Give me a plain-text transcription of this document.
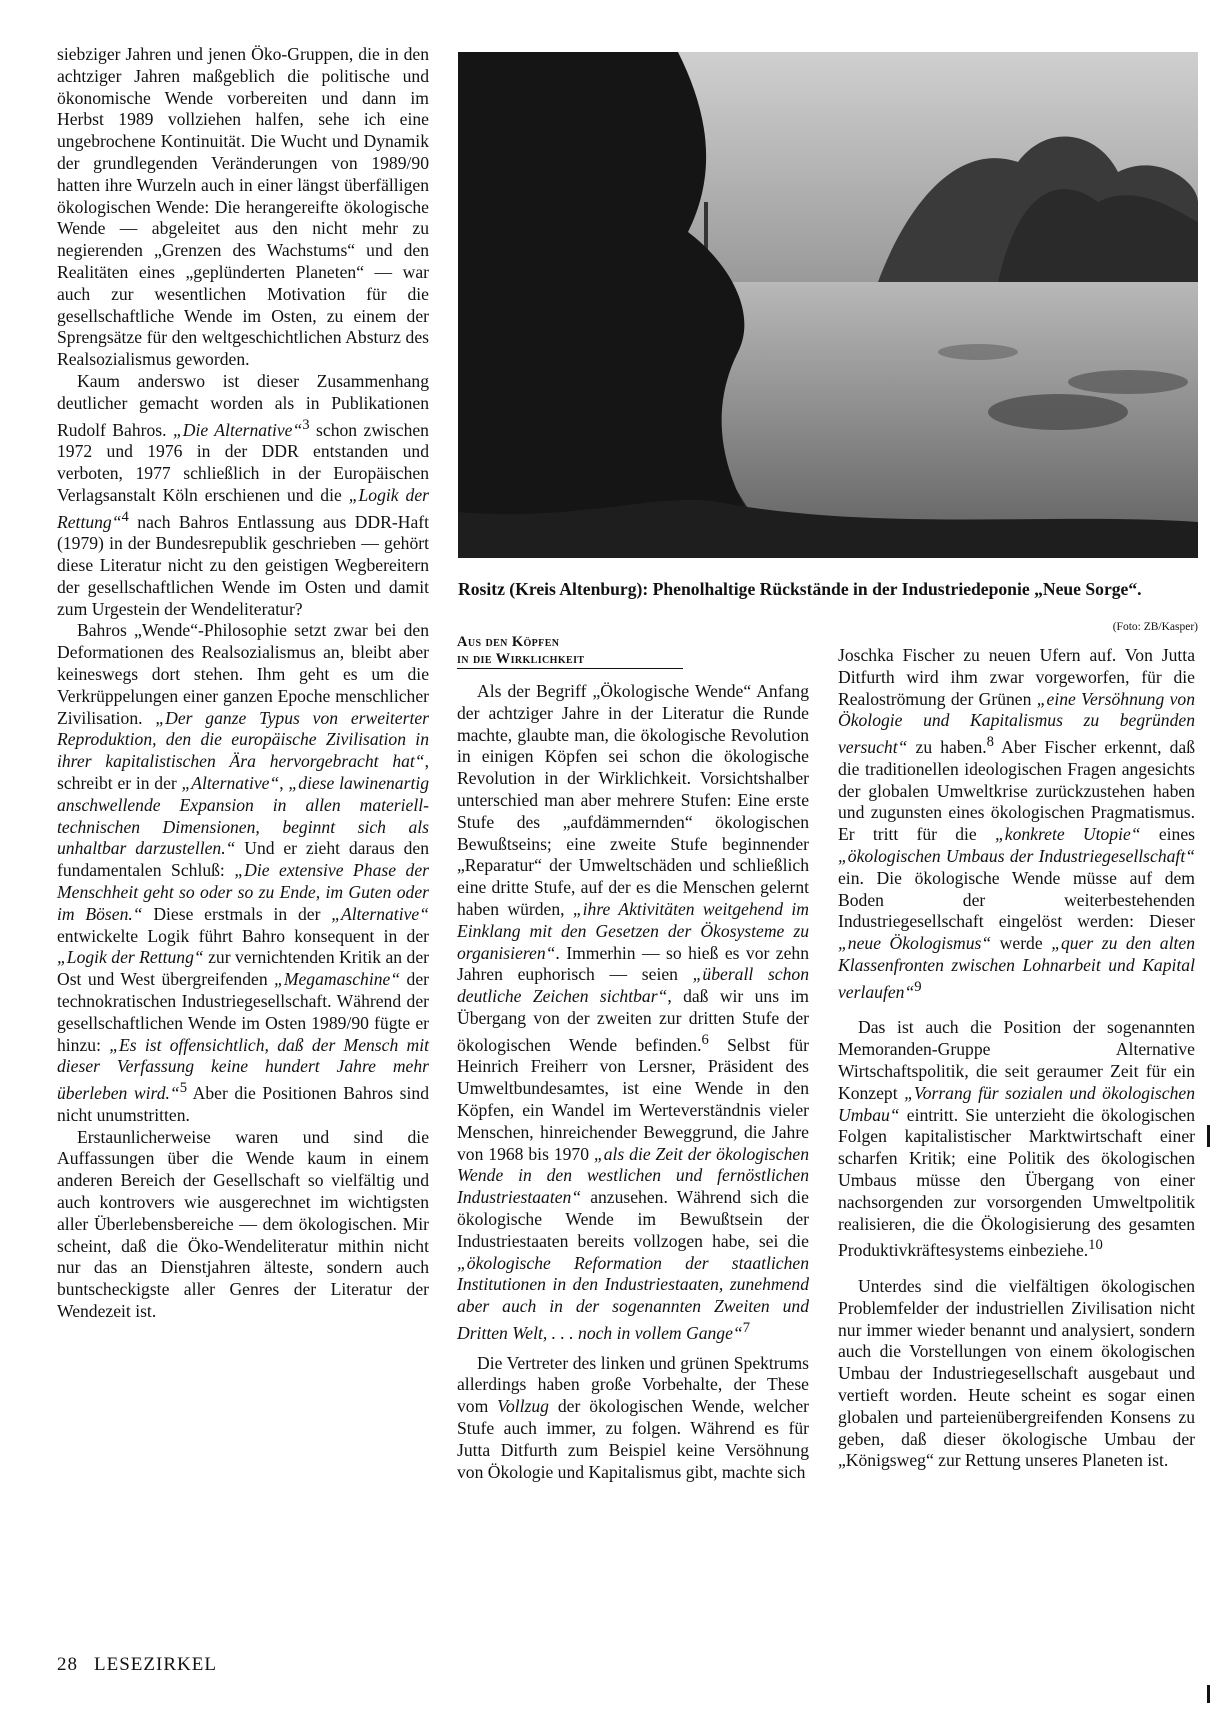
siebziger Jahren und jenen Öko-Gruppen, die in den achtziger Jahren maßgeblich die politische und ökonomische Wende vorbereiten und dann im Herbst 1989 vollziehen halfen, sehe ich eine ungebrochene Kontinuität. Die Wucht und Dynamik der grundlegenden Veränderungen von 1989/90 hatten ihre Wurzeln auch in einer längst überfälligen ökologischen Wende: Die herangereifte ökologische Wende — abgeleitet aus den nicht mehr zu negierenden „Grenzen des Wachstums“ und den Realitäten eines „geplünderten Planeten“ — war auch zur wesentlichen Motivation für die gesellschaftliche Wende im Osten, zu einem der Sprengsätze für den weltgeschichtlichen Absturz des Realsozialismus geworden.

Kaum anderswo ist dieser Zusammenhang deutlicher gemacht worden als in Publikationen Rudolf Bahros. „Die Alternative“$^3$ schon zwischen 1972 und 1976 in der DDR entstanden und verboten, 1977 schließlich in der Europäischen Verlagsanstalt Köln erschienen und die „Logik der Rettung“$^4$ nach Bahros Entlassung aus DDR-Haft (1979) in der Bundesrepublik geschrieben — gehört diese Literatur nicht zu den geistigen Wegbereitern der gesellschaftlichen Wende im Osten und damit zum Urgestein der Wendeliteratur?

Bahros „Wende“-Philosophie setzt zwar bei den Deformationen des Realsozialismus an, bleibt aber keineswegs dort stehen. Ihm geht es um die Verkrüppelungen einer ganzen Epoche menschlicher Zivilisation. „Der ganze Typus von erweiterter Reproduktion, den die europäische Zivilisation in ihrer kapitalistischen Ära hervorgebracht hat“, schreibt er in der „Alternative“, „diese lawinenartig anschwellende Expansion in allen materiell-technischen Dimensionen, beginnt sich als unhaltbar darzustellen.“ Und er zieht daraus den fundamentalen Schluß: „Die extensive Phase der Menschheit geht so oder so zu Ende, im Guten oder im Bösen.“ Diese erstmals in der „Alternative“ entwickelte Logik führt Bahro konsequent in der „Logik der Rettung“ zur vernichtenden Kritik an der Ost und West übergreifenden „Megamaschine“ der technokratischen Industriegesellschaft. Während der gesellschaftlichen Wende im Osten 1989/90 fügte er hinzu: „Es ist offensichtlich, daß der Mensch mit dieser Verfassung keine hundert Jahre mehr überleben wird.“$^5$ Aber die Positionen Bahros sind nicht unumstritten.

Erstaunlicherweise waren und sind die Auffassungen über die Wende kaum in einem anderen Bereich der Gesellschaft so vielfältig und auch kontrovers wie ausgerechnet im wichtigsten aller Überlebensbereiche — dem ökologischen. Mir scheint, daß die Öko-Wendeliteratur mithin nicht nur das an Dienstjahren älteste, sondern auch buntscheckigste aller Genres der Literatur der Wendezeit ist.

Rositz (Kreis Altenburg): Phenolhaltige Rückstände in der Industriedeponie „Neue Sorge“.
(Foto: ZB/Kasper)
Aus den Köpfen
in die Wirklichkeit

Als der Begriff „Ökologische Wende“ Anfang der achtziger Jahre in der Literatur die Runde machte, glaubte man, die ökologische Revolution in einigen Köpfen sei schon die ökologische Revolution in der Wirklichkeit. Vorsichtshalber unterschied man aber mehrere Stufen: Eine erste Stufe des „aufdämmernden“ ökologischen Bewußtseins; eine zweite Stufe beginnender „Reparatur“ der Umweltschäden und schließlich eine dritte Stufe, auf der es die Menschen gelernt haben würden, „ihre Aktivitäten weitgehend im Einklang mit den Gesetzen der Ökosysteme zu organisieren“. Immerhin — so hieß es vor zehn Jahren euphorisch — seien „überall schon deutliche Zeichen sichtbar“, daß wir uns im Übergang von der zweiten zur dritten Stufe der ökologischen Wende befinden.$^6$ Selbst für Heinrich Freiherr von Lersner, Präsident des Umweltbundesamtes, ist eine Wende in den Köpfen, ein Wandel im Werteverständnis vieler Menschen, hinreichender Beweggrund, die Jahre von 1968 bis 1970 „als die Zeit der ökologischen Wende in den westlichen und fernöstlichen Industriestaaten“ anzusehen. Während sich die ökologische Wende im Bewußtsein der Industriestaaten bereits vollzogen habe, sei die „ökologische Reformation der staatlichen Institutionen in den Industriestaaten, zunehmend aber auch in der sogenannten Zweiten und Dritten Welt, . . . noch in vollem Gange“$^7$

Die Vertreter des linken und grünen Spektrums allerdings haben große Vorbehalte, der These vom Vollzug der ökologischen Wende, welcher Stufe auch immer, zu folgen. Während es für Jutta Ditfurth zum Beispiel keine Versöhnung von Ökologie und Kapitalismus gibt, machte sich

Joschka Fischer zu neuen Ufern auf. Von Jutta Ditfurth wird ihm zwar vorgeworfen, für die Realoströmung der Grünen „eine Versöhnung von Ökologie und Kapitalismus zu begründen versucht“ zu haben.$^8$ Aber Fischer erkennt, daß die traditionellen ideologischen Fragen angesichts der globalen Umweltkrise zurückzustehen haben und zugunsten eines ökologischen Pragmatismus. Er tritt für die „konkrete Utopie“ eines „ökologischen Umbaus der Industriegesellschaft“ ein. Die ökologische Wende müsse auf dem Boden der weiterbestehenden Industriegesellschaft eingelöst werden: Dieser „neue Ökologismus“ werde „quer zu den alten Klassenfronten zwischen Lohnarbeit und Kapital verlaufen“$^9$

Das ist auch die Position der sogenannten Memoranden-Gruppe Alternative Wirtschaftspolitik, die seit geraumer Zeit für ein Konzept „Vorrang für sozialen und ökologischen Umbau“ eintritt. Sie unterzieht die ökologischen Folgen kapitalistischer Marktwirtschaft einer scharfen Kritik; eine Politik des ökologischen Umbaus müsse den Übergang von einer nachsorgenden zur vorsorgenden Umweltpolitik realisieren, die die Ökologisierung des gesamten Produktivkräftesystems einbeziehe.$^{10}$

Unterdes sind die vielfältigen ökologischen Problemfelder der industriellen Zivilisation nicht nur immer wieder benannt und analysiert, sondern auch die Vorstellungen von einem ökologischen Umbau der Industriegesellschaft ausgebaut und vertieft worden. Heute scheint es sogar einen globalen und parteienübergreifenden Konsens zu geben, daß dieser ökologische Umbau der „Königsweg“ zur Rettung unseres Planeten ist.

28 LESEZIRKEL
